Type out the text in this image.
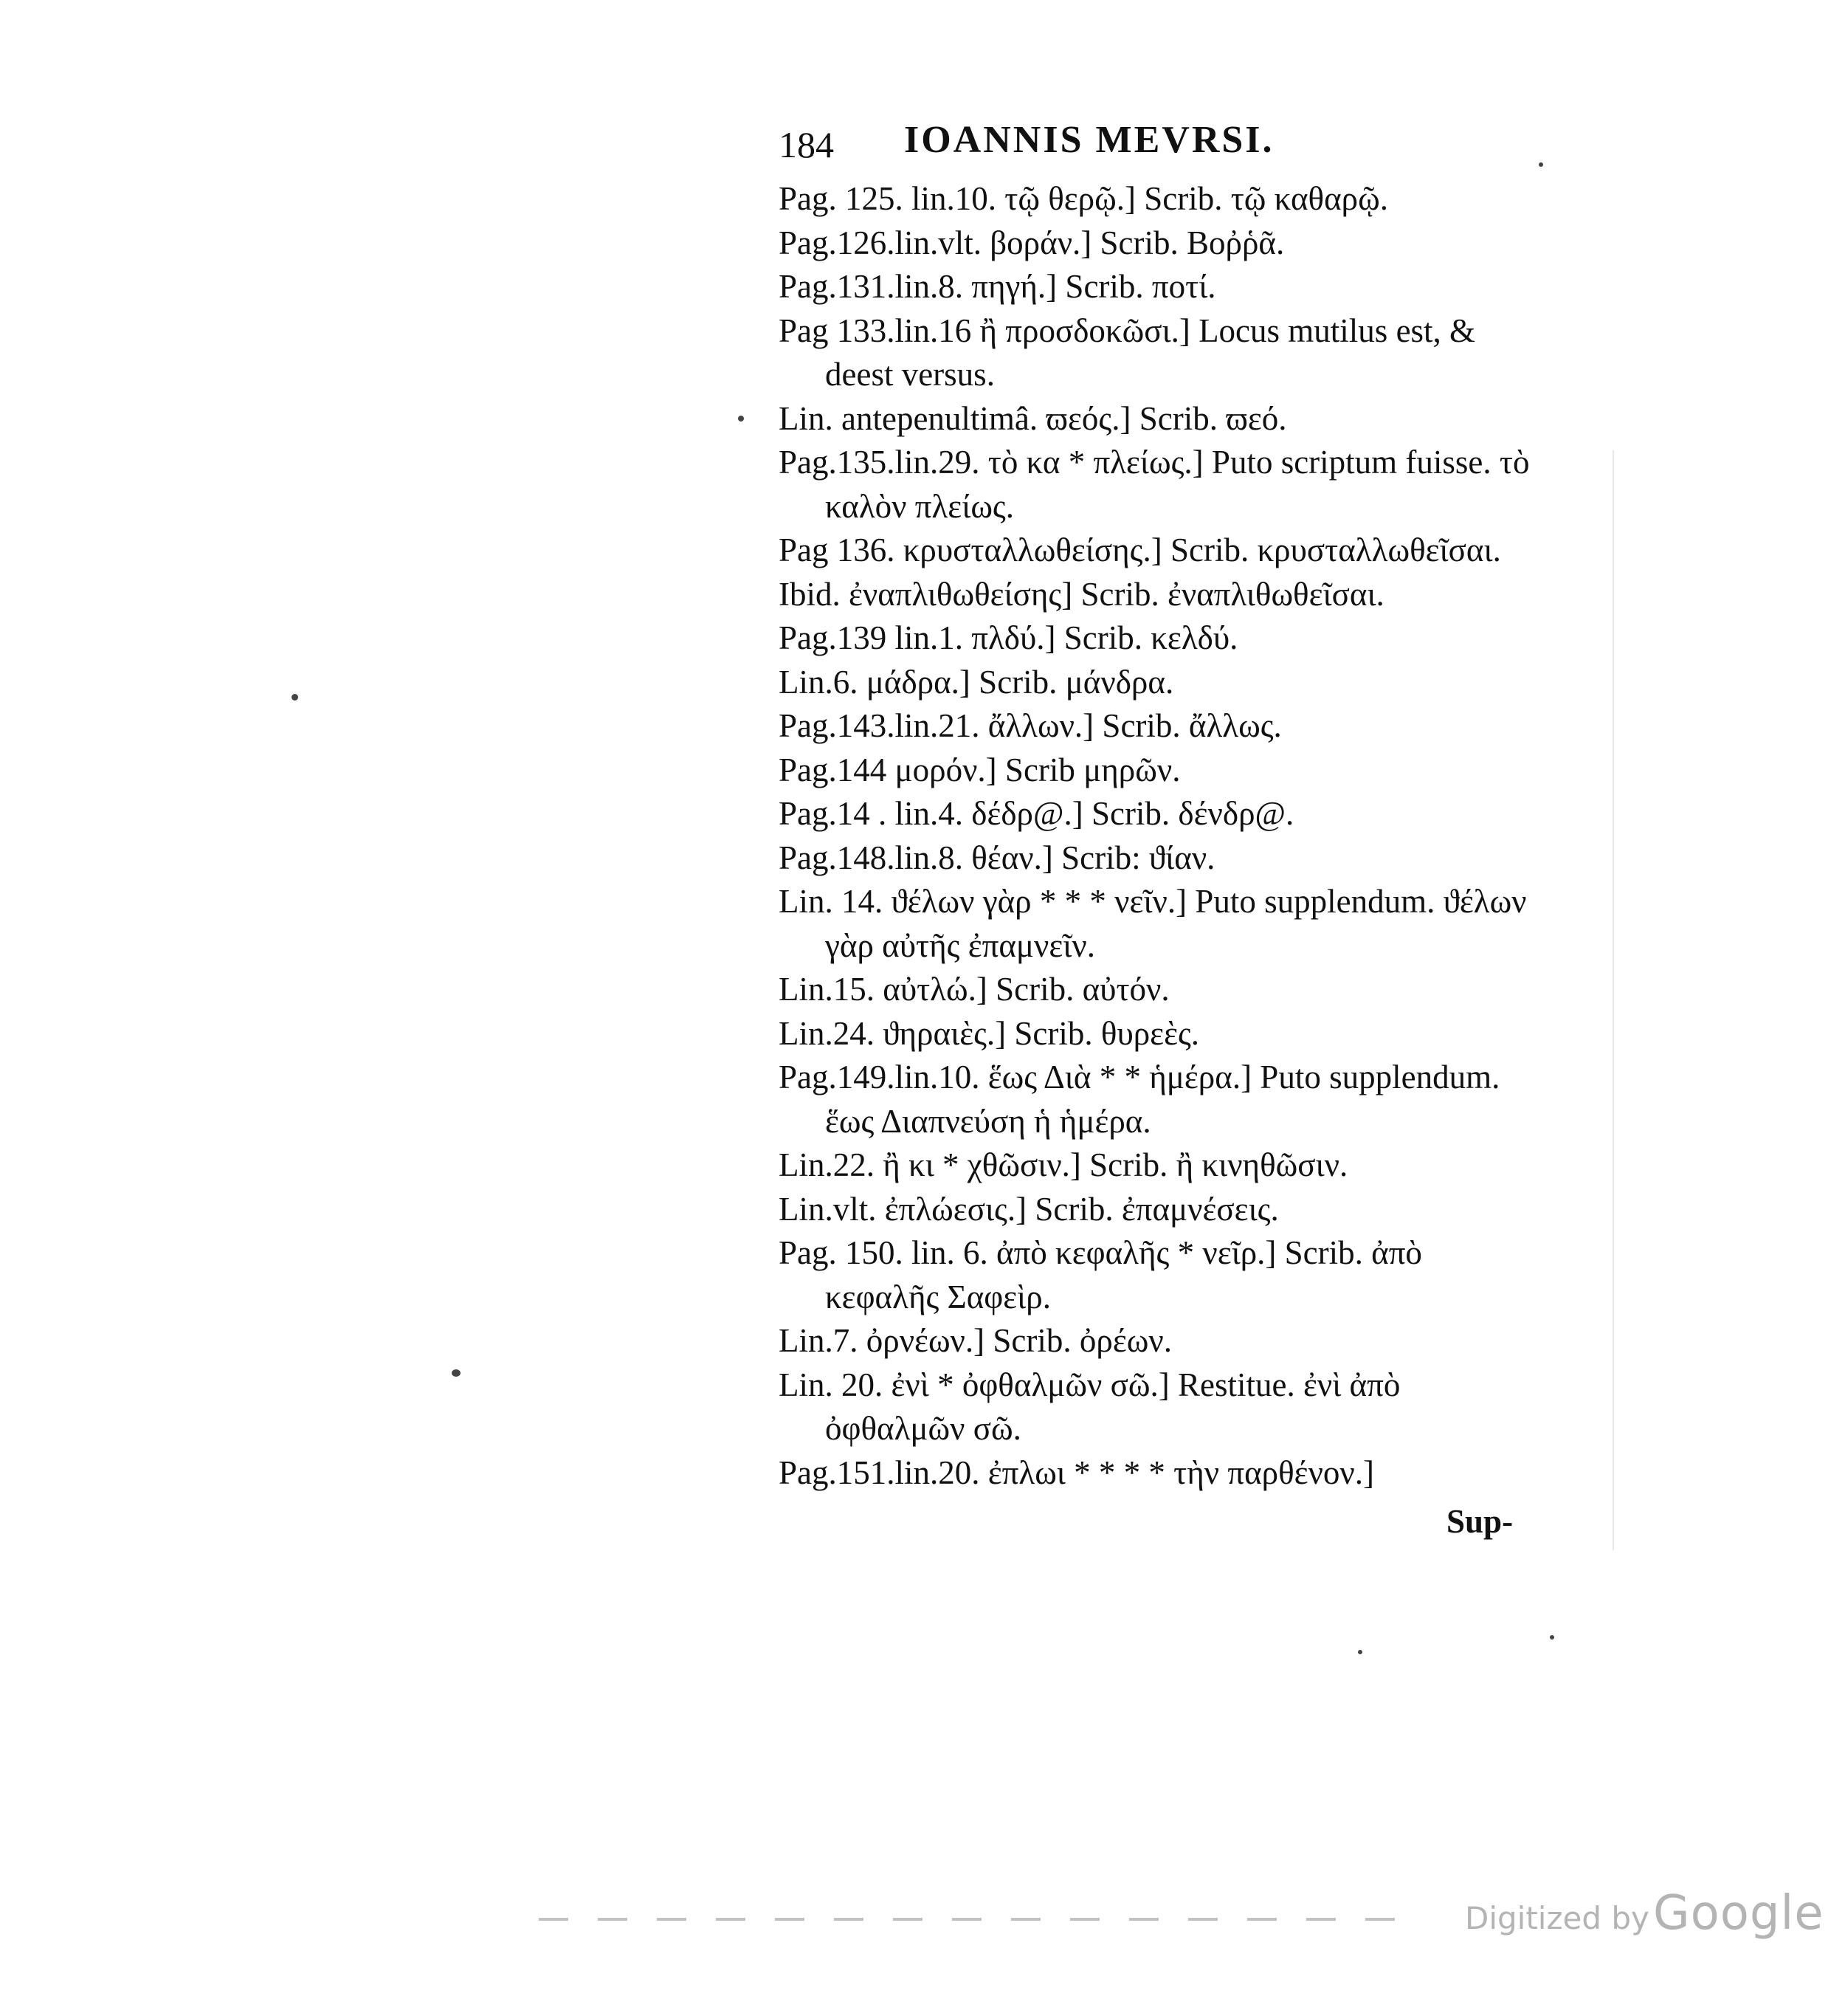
184 IOANNIS MEVRSI.

Pag. 125. lin.10. τῷ θερῷ.] Scrib. τῷ καθαρῷ.

Pag.126.lin.vlt. βοράν.] Scrib. Βοῤῥᾶ.

Pag.131.lin.8. πηγή.] Scrib. ποτί.

Pag 133.lin.16 ἢ προσδοκῶσι.] Locus mutilus est, & deest versus.

Lin. antepenultimâ. ϖεός.] Scrib. ϖεό.

Pag.135.lin.29. τὸ κα * πλείως.] Puto scriptum fuisse. τὸ καλὸν πλείως.

Pag 136. κρυσταλλωθείσης.] Scrib. κρυσταλλωθεῖσαι.

Ibid. ἐναπλιθωθείσης] Scrib. ἐναπλιθωθεῖσαι.

Pag.139 lin.1. πλδύ.] Scrib. κελδύ.

Lin.6. μάδρα.] Scrib. μάνδρα.

Pag.143.lin.21. ἄλλων.] Scrib. ἄλλως.

Pag.144 μορόν.] Scrib μηρῶν.

Pag.14 . lin.4. δέδρ@.] Scrib. δένδρ@.

Pag.148.lin.8. θέαν.] Scrib: ϑίαν.

Lin. 14. ϑέλων γὰρ * * * νεῖν.] Puto supplendum. ϑέλων γὰρ αὐτῆς ἐπαμνεῖν.

Lin.15. αὐτλώ.] Scrib. αὐτόν.

Lin.24. ϑηραιὲς.] Scrib. θυρεὲς.

Pag.149.lin.10. ἕως Διὰ * * ἡμέρα.] Puto supplendum. ἕως Διαπνεύση ἡ ἡμέρα.

Lin.22. ἢ κι * χθῶσιν.] Scrib. ἢ κινηθῶσιν.

Lin.vlt. ἐπλώεσις.] Scrib. ἐπαμνέσεις.

Pag. 150. lin. 6. ἀπὸ κεφαλῆς * νεῖρ.] Scrib. ἀπὸ κεφαλῆς Σαφεὶρ.

Lin.7. ὀρνέων.] Scrib. ὀρέων.

Lin. 20. ἐνὶ * ὀφθαλμῶν σῶ.] Restitue. ἐνὶ ἀπὸ ὀφθαλμῶν σῶ.

Pag.151.lin.20. ἐπλωι * * * * τὴν παρθένον.]

Sup-
Digitized by Google
